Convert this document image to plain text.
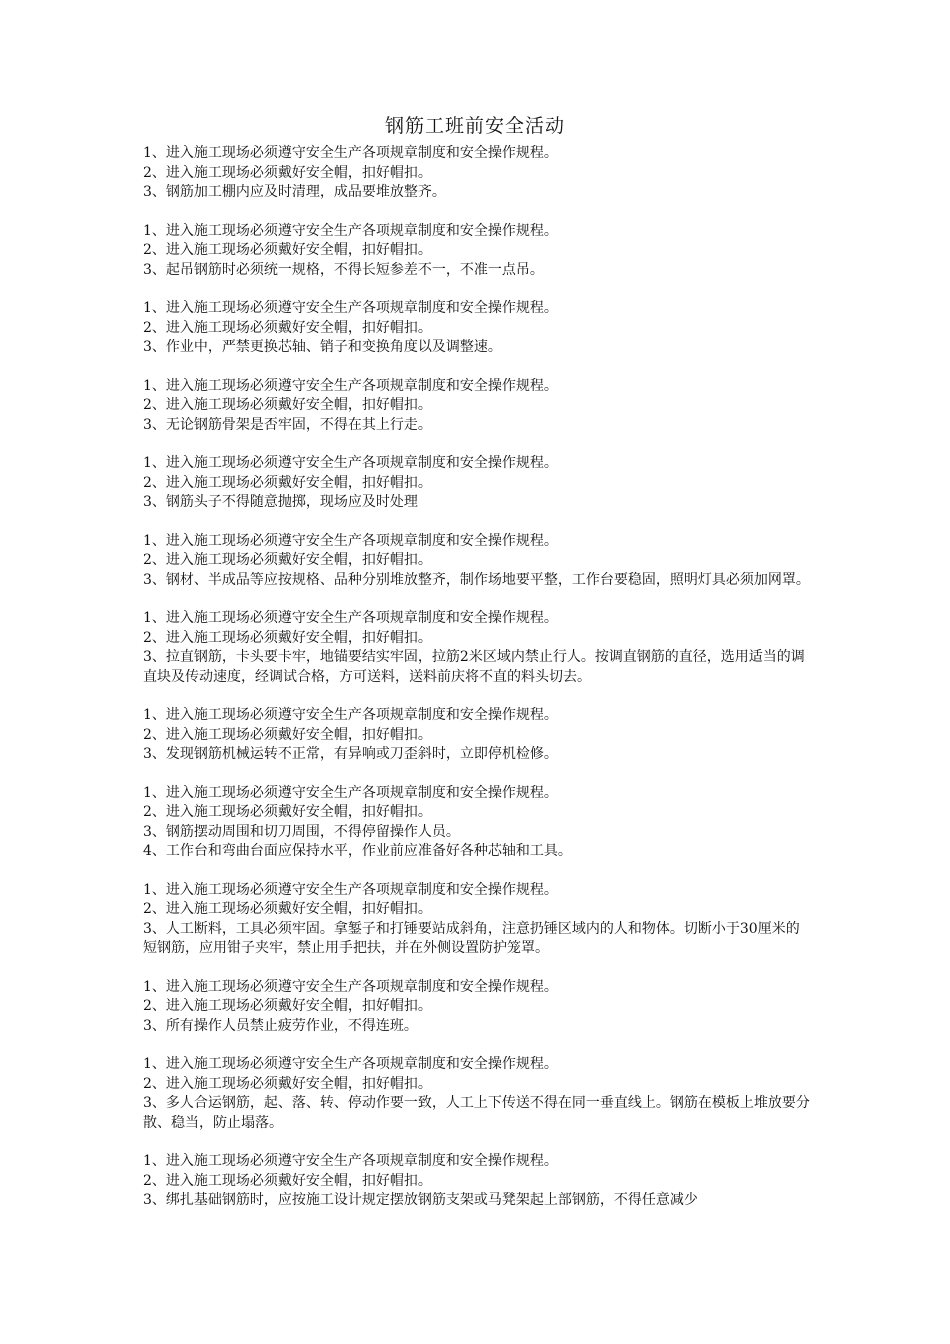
钢筋工班前安全活动

1、进入施工现场必须遵守安全生产各项规章制度和安全操作规程。

2、进入施工现场必须戴好安全帽，扣好帽扣。

3、钢筋加工棚内应及时清理，成品要堆放整齐。

1、进入施工现场必须遵守安全生产各项规章制度和安全操作规程。

2、进入施工现场必须戴好安全帽，扣好帽扣。

3、起吊钢筋时必须统一规格，不得长短参差不一，不准一点吊。

1、进入施工现场必须遵守安全生产各项规章制度和安全操作规程。

2、进入施工现场必须戴好安全帽，扣好帽扣。

3、作业中，严禁更换芯轴、销子和变换角度以及调整速。

1、进入施工现场必须遵守安全生产各项规章制度和安全操作规程。

2、进入施工现场必须戴好安全帽，扣好帽扣。

3、无论钢筋骨架是否牢固，不得在其上行走。

1、进入施工现场必须遵守安全生产各项规章制度和安全操作规程。

2、进入施工现场必须戴好安全帽，扣好帽扣。

3、钢筋头子不得随意抛掷，现场应及时处理

1、进入施工现场必须遵守安全生产各项规章制度和安全操作规程。

2、进入施工现场必须戴好安全帽，扣好帽扣。

3、钢材、半成品等应按规格、品种分别堆放整齐，制作场地要平整，工作台要稳固，照明灯具必须加网罩。

1、进入施工现场必须遵守安全生产各项规章制度和安全操作规程。

2、进入施工现场必须戴好安全帽，扣好帽扣。

3、拉直钢筋，卡头要卡牢，地锚要结实牢固，拉筋2米区域内禁止行人。按调直钢筋的直径，选用适当的调直块及传动速度，经调试合格，方可送料，送料前庆将不直的料头切去。

1、进入施工现场必须遵守安全生产各项规章制度和安全操作规程。

2、进入施工现场必须戴好安全帽，扣好帽扣。

3、发现钢筋机械运转不正常，有异响或刀歪斜时，立即停机检修。

1、进入施工现场必须遵守安全生产各项规章制度和安全操作规程。

2、进入施工现场必须戴好安全帽，扣好帽扣。

3、钢筋摆动周围和切刀周围，不得停留操作人员。

4、工作台和弯曲台面应保持水平，作业前应准备好各种芯轴和工具。

1、进入施工现场必须遵守安全生产各项规章制度和安全操作规程。

2、进入施工现场必须戴好安全帽，扣好帽扣。

3、人工断料，工具必须牢固。拿錾子和打锤要站成斜角，注意扔锤区域内的人和物体。切断小于30厘米的短钢筋，应用钳子夹牢，禁止用手把扶，并在外侧设置防护笼罩。

1、进入施工现场必须遵守安全生产各项规章制度和安全操作规程。

2、进入施工现场必须戴好安全帽，扣好帽扣。

3、所有操作人员禁止疲劳作业，不得连班。

1、进入施工现场必须遵守安全生产各项规章制度和安全操作规程。

2、进入施工现场必须戴好安全帽，扣好帽扣。

3、多人合运钢筋，起、落、转、停动作要一致，人工上下传送不得在同一垂直线上。钢筋在模板上堆放要分散、稳当，防止塌落。

1、进入施工现场必须遵守安全生产各项规章制度和安全操作规程。

2、进入施工现场必须戴好安全帽，扣好帽扣。

3、绑扎基础钢筋时，应按施工设计规定摆放钢筋支架或马凳架起上部钢筋，不得任意减少
